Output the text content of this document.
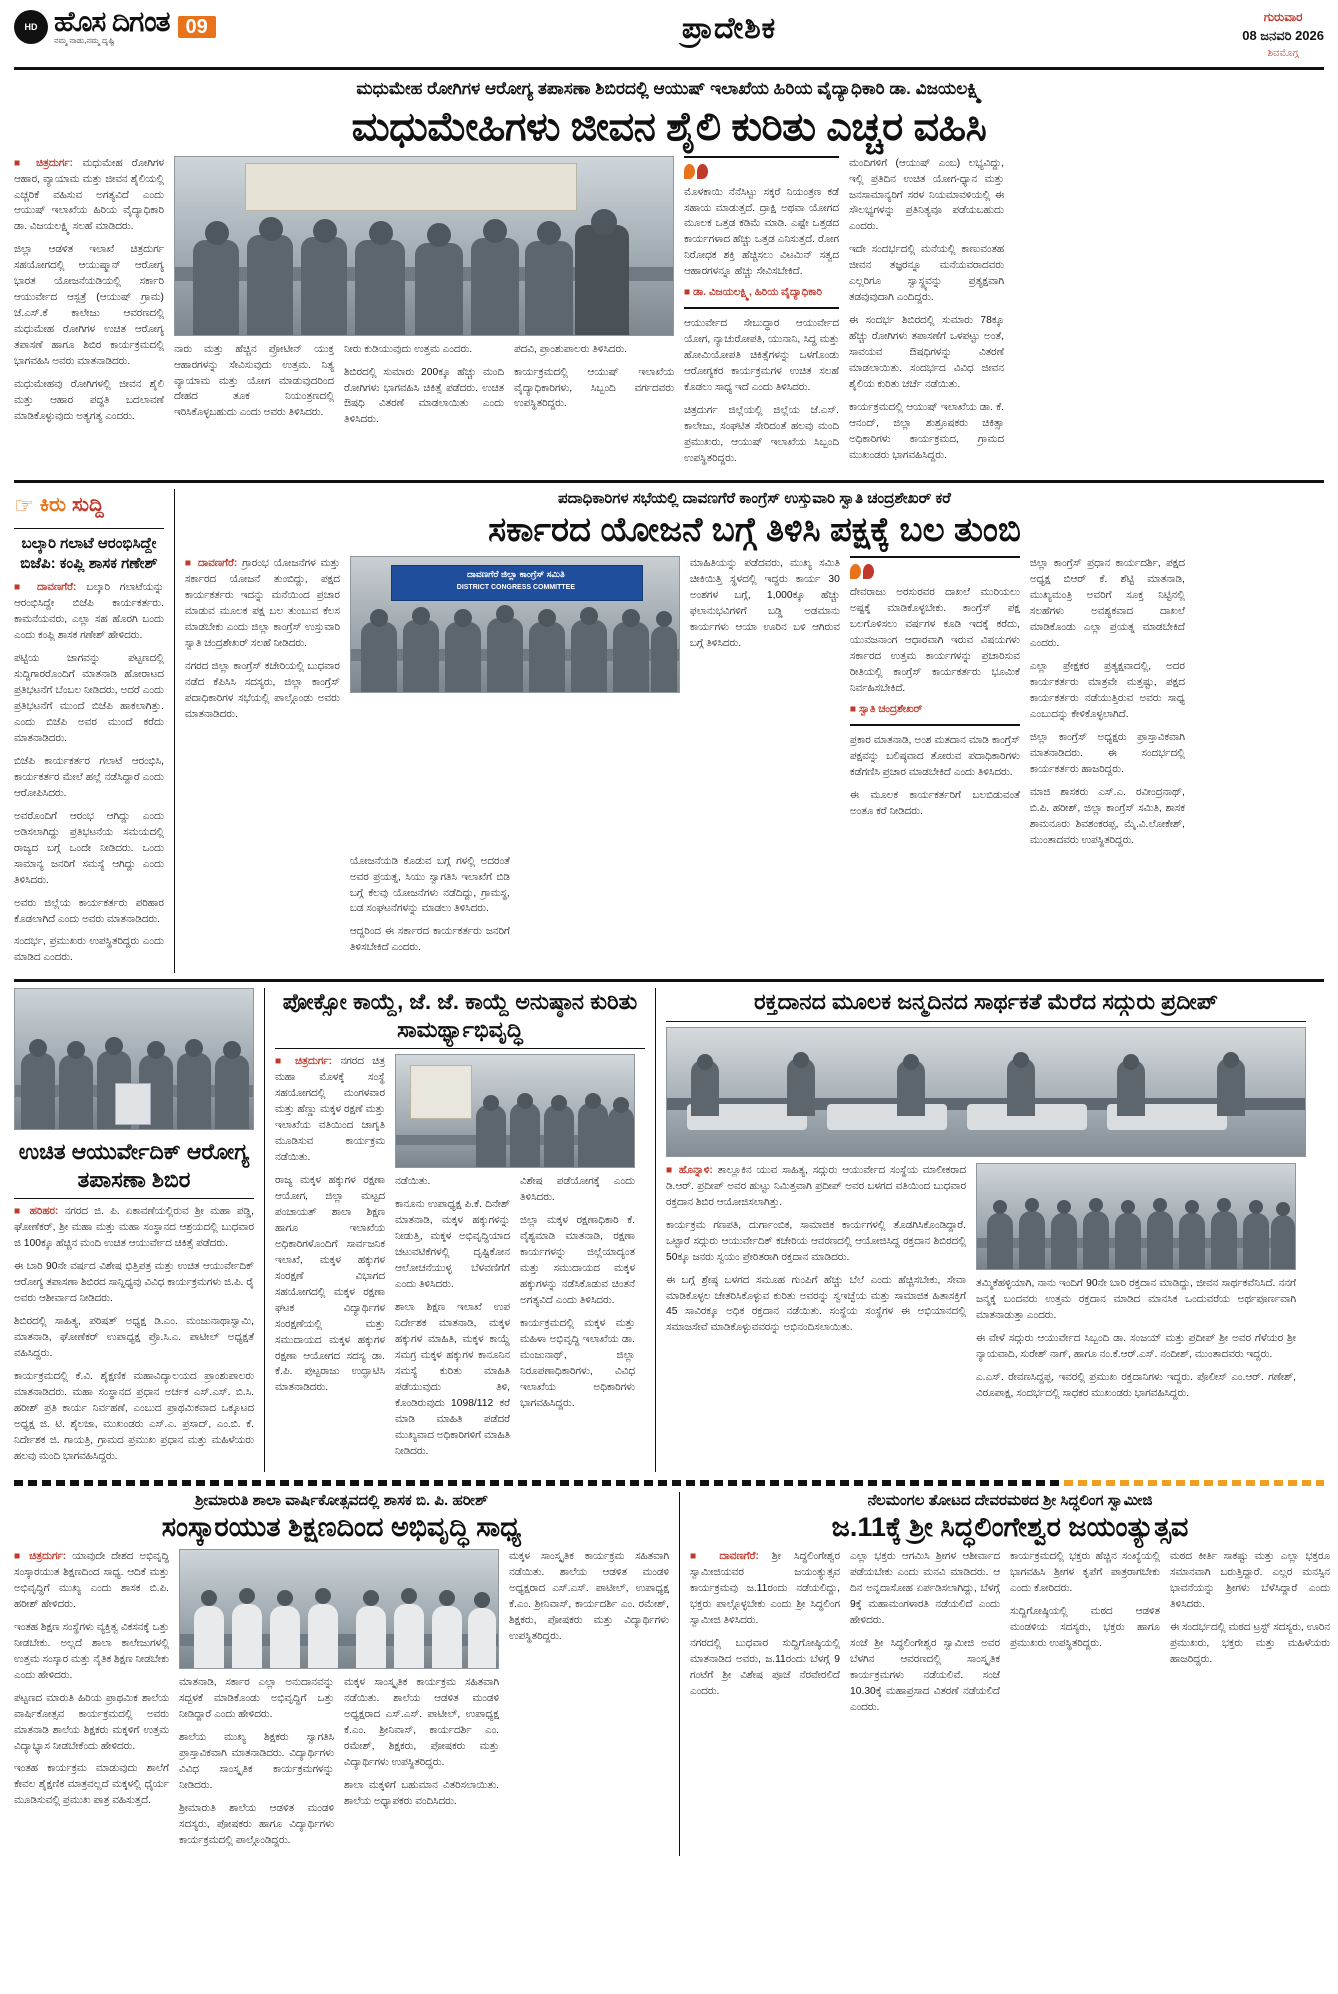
HD ಹೊಸ ದಿಗಂತ
ನಮ್ಮ ನಾಡು,ನಮ್ಮ ದೃಷ್ಟಿ
09	ಪ್ರಾದೇಶಿಕ	ಗುರುವಾರ
08 ಜನವರಿ 2026
ಶಿವಮೊಗ್ಗ
ಮಧುಮೇಹ ರೋಗಿಗಳ ಆರೋಗ್ಯ ತಪಾಸಣಾ ಶಿಬಿರದಲ್ಲಿ ಆಯುಷ್ ಇಲಾಖೆಯ ಹಿರಿಯ ವೈದ್ಯಾಧಿಕಾರಿ ಡಾ. ವಿಜಯಲಕ್ಷ್ಮಿ
ಮಧುಮೇಹಿಗಳು ಜೀವನ ಶೈಲಿ ಕುರಿತು ಎಚ್ಚರ ವಹಿಸಿ

■ ಚಿತ್ರದುರ್ಗ: ಮಧುಮೇಹ ರೋಗಿಗಳ ಆಹಾರ, ವ್ಯಾಯಾಮ ಮತ್ತು ಜೀವನ ಶೈಲಿಯಲ್ಲಿ ಎಚ್ಚರಿಕೆ ವಹಿಸುವ ಅಗತ್ಯವಿದೆ ಎಂದು ಆಯುಷ್ ಇಲಾಖೆಯ ಹಿರಿಯ ವೈದ್ಯಾಧಿಕಾರಿ ಡಾ. ವಿಜಯಲಕ್ಷ್ಮಿ ಸಲಹೆ ಮಾಡಿದರು.

ಜಿಲ್ಲಾ ಆಡಳಿತ ಇಲಾಖೆ ಚಿತ್ರದುರ್ಗ ಸಹಯೋಗದಲ್ಲಿ ಆಯುಷ್ಮಾನ್ ಆರೋಗ್ಯ ಭಾರತ ಯೋಜನೆಯಡಿಯಲ್ಲಿ ಸರ್ಕಾರಿ ಆಯುರ್ವೇದ ಆಸ್ಪತ್ರೆ (ಆಯುಷ್ ಗ್ರಾಮ) ಜೆ.ಎಸ್.ಕೆ ಕಾಲೇಜು ಆವರಣದಲ್ಲಿ ಮಧುಮೇಹ ರೋಗಿಗಳ ಉಚಿತ ಆರೋಗ್ಯ ತಪಾಸಣೆ ಹಾಗೂ ಶಿಬಿರ ಕಾರ್ಯಕ್ರಮದಲ್ಲಿ ಭಾಗವಹಿಸಿ ಅವರು ಮಾತನಾಡಿದರು.

ಮಧುಮೇಹವು ರೋಗಿಗಳಲ್ಲಿ ಜೀವನ ಶೈಲಿ ಮತ್ತು ಆಹಾರ ಪದ್ಧತಿ ಬದಲಾವಣೆ ಮಾಡಿಕೊಳ್ಳುವುದು ಅತ್ಯಗತ್ಯ ಎಂದರು.

ನಾರು ಮತ್ತು ಹೆಚ್ಚಿನ ಪ್ರೋಟೀನ್ ಯುಕ್ತ ಆಹಾರಗಳನ್ನು ಸೇವಿಸುವುದು ಉತ್ತಮ. ನಿತ್ಯ ವ್ಯಾಯಾಮ ಮತ್ತು ಯೋಗ ಮಾಡುವುದರಿಂದ ದೇಹದ ತೂಕ ನಿಯಂತ್ರಣದಲ್ಲಿ ಇರಿಸಿಕೊಳ್ಳಬಹುದು ಎಂದು ಅವರು ತಿಳಿಸಿದರು.

ನೀರು ಕುಡಿಯುವುದು ಉತ್ತಮ ಎಂದರು.

ಶಿಬಿರದಲ್ಲಿ ಸುಮಾರು 200ಕ್ಕೂ ಹೆಚ್ಚು ಮಂದಿ ರೋಗಿಗಳು ಭಾಗವಹಿಸಿ ಚಿಕಿತ್ಸೆ ಪಡೆದರು. ಉಚಿತ ಔಷಧಿ ವಿತರಣೆ ಮಾಡಲಾಯಿತು ಎಂದು ತಿಳಿಸಿದರು.

ಪದವಿ, ಪ್ರಾಂಶುಪಾಲರು ತಿಳಿಸಿದರು.

ಕಾರ್ಯಕ್ರಮದಲ್ಲಿ ಆಯುಷ್ ಇಲಾಖೆಯ ವೈದ್ಯಾಧಿಕಾರಿಗಳು, ಸಿಬ್ಬಂದಿ ವರ್ಗದವರು ಉಪಸ್ಥಿತರಿದ್ದರು.

ಮೊಳಕಾಯಿ ನೆನೆಸಿಟ್ಟು ಸಕ್ಕರೆ ನಿಯಂತ್ರಣ ಕಡೆ ಸಹಾಯ ಮಾಡುತ್ತದೆ. ದ್ರಾಕ್ಷಿ ಅಥವಾ ಯೋಗದ ಮೂಲಕ ಒತ್ತಡ ಕಡಿಮೆ ಮಾಡಿ. ಎಷ್ಟೇ ಒತ್ತಡದ ಕಾರ್ಯಗಳಾದ ಹೆಚ್ಚು ಒತ್ತಡ ಎನಿಸುತ್ತದೆ. ರೋಗ ನಿರೋಧಕ ಶಕ್ತಿ ಹೆಚ್ಚಿಸಲು ವಿಟಮಿನ್ ಸತ್ವದ ಆಹಾರಗಳನ್ನೂ ಹೆಚ್ಚು ಸೇವಿಸಬೇಕಿದೆ.
■ ಡಾ. ವಿಜಯಲಕ್ಷ್ಮಿ, ಹಿರಿಯ ವೈದ್ಯಾಧಿಕಾರಿ

ಆಯುರ್ವೇದ ಸೇಬುದ್ಧಾರ ಆಯುರ್ವೇದ ಯೋಗ, ನ್ಯಾಚುರೋಪತಿ, ಯುನಾನಿ, ಸಿದ್ಧ ಮತ್ತು ಹೋಮಿಯೋಪತಿ ಚಿಕಿತ್ಸೆಗಳನ್ನು ಒಳಗೊಂಡು ಆರೋಗ್ಯಕರ ಕಾರ್ಯಕ್ರಮಗಳ ಉಚಿತ ಸಲಹೆ ಕೊಡಲು ಸಾಧ್ಯ ಇದೆ ಎಂದು ತಿಳಿಸಿದರು.

ಚಿತ್ರದುರ್ಗ ಜಿಲ್ಲೆಯಲ್ಲಿ ಜಿಲ್ಲೆಯ ಜೆ.ಎಸ್. ಕಾಲೇಜು, ಸಂಘಟಿತ ಸೇರಿದಂತೆ ಹಲವು ಮಂದಿ ಪ್ರಮುಖರು, ಆಯುಷ್ ಇಲಾಖೆಯ ಸಿಬ್ಬಂದಿ ಉಪಸ್ಥಿತರಿದ್ದರು.

ಮಂದಿಗಳಿಗೆ (ಆಯುಷ್ ಎಂಬ) ಲಭ್ಯವಿದ್ದು, ಇಲ್ಲಿ ಪ್ರತಿದಿನ ಉಚಿತ ಯೋಗ-ಧ್ಯಾನ ಮತ್ತು ಜನಸಾಮಾನ್ಯರಿಗೆ ಸರಳ ನಿಯಮಾವಳಿಯಲ್ಲಿ ಈ ಸೌಲಭ್ಯಗಳನ್ನು ಪ್ರತಿನಿತ್ಯವೂ ಪಡೆಯಬಹುದು ಎಂದರು.

ಇದೇ ಸಂದರ್ಭದಲ್ಲಿ ಮನೆಯಲ್ಲಿ ಕಾಣುವಂತಹ ಜೀವನ ತಜ್ಞರನ್ನೂ ಮನೆಯವರಾದವರು ಎಲ್ಲರಿಗೂ ಸ್ವಾಸ್ಥ್ಯವನ್ನು ಪ್ರತ್ಯಕ್ಷವಾಗಿ ತಡವುವುದಾಗಿ ಎಂದಿದ್ದರು.

ಈ ಸಂದರ್ಭ ಶಿಬಿರದಲ್ಲಿ ಸುಮಾರು 78ಕ್ಕೂ ಹೆಚ್ಚು ರೋಗಿಗಳು ತಪಾಸಣೆಗೆ ಒಳಪಟ್ಟು ಅಂತೆ, ಸಾವಯವ ಔಷಧಿಗಳನ್ನು ವಿತರಣೆ ಮಾಡಲಾಯಿತು. ಸಂದರ್ಭದ ವಿವಿಧ ಜೀವನ ಶೈಲಿಯ ಕುರಿತು ಚರ್ಚೆ ನಡೆಯಿತು.

ಕಾರ್ಯಕ್ರಮದಲ್ಲಿ ಆಯುಷ್ ಇಲಾಖೆಯ ಡಾ. ಕೆ. ಆನಂದ್, ಜಿಲ್ಲಾ ಶುಶ್ರೂಷಕರು ಚಿಕಿತ್ಸಾ ಅಧಿಕಾರಿಗಳು ಕಾರ್ಯಕ್ರಮದ, ಗ್ರಾಮದ ಮುಖಂಡರು ಭಾಗವಹಿಸಿದ್ದರು.

☞ ಕಿರು ಸುದ್ದಿ
ಬಲ್ಕಾರಿ ಗಲಾಟೆ ಆರಂಭಿಸಿದ್ದೇ ಬಿಜೆಪಿ: ಕಂಪ್ಲಿ ಶಾಸಕ ಗಣೇಶ್

■ ದಾವಣಗೆರೆ: ಬಲ್ಕಾರಿ ಗಲಾಟೆಯನ್ನು ಆರಂಭಿಸಿದ್ದೇ ಬಿಜೆಪಿ ಕಾರ್ಯಕರ್ತರು. ಕಾಮನೆಯವರು, ಎಲ್ಲಾ ಸಹ ಹೊರಗಿ ಬಂದು ಎಂದು ಕಂಪ್ಲಿ ಶಾಸಕ ಗಣೇಶ್ ಹೇಳಿದರು.

ಪಟ್ಟಿಯ ಜಾಗವನ್ನು ಪಟ್ಟಣದಲ್ಲಿ ಸುದ್ದಿಗಾರರೊಂದಿಗೆ ಮಾತನಾಡಿ ಹೋರಾಟದ ಪ್ರತಿಭಟನೆಗೆ ಬೆಂಬಲ ನೀಡಿದರು, ಅದರೆ ಎಂದು ಪ್ರತಿಭಟನೆಗೆ ಮುಂದೆ ಬಿಜೆಪಿ ಹಾಕಲಾಗಿತ್ತು. ಎಂದು ಬಿಜೆಪಿ ಅವರ ಮುಂದೆ ಕರೆದು ಮಾತನಾಡಿದರು.

ಬಿಜೆಪಿ ಕಾರ್ಯಕರ್ತರ ಗಲಾಟೆ ಆರಂಭಿಸಿ, ಕಾರ್ಯಕರ್ತರ ಮೇಲೆ ಹಲ್ಲೆ ನಡೆಸಿದ್ದಾರೆ ಎಂದು ಆರೋಪಿಸಿದರು.

ಅವರೊಂದಿಗೆ ಆರಂಭ ಆಗಿದ್ದು ಎಂದು ಅಡಿಸಲಾಗಿದ್ದು ಪ್ರತಿಭಟನೆಯ ಸಮಯದಲ್ಲಿ ರಾಜ್ಯದ ಬಗ್ಗೆ ಒಂದೇ ನೀಡಿದರು. ಒಂದು ಸಾಮಾನ್ಯ ಜನರಿಗೆ ಸಮಸ್ಯೆ ಆಗಿದ್ದು ಎಂದು ತಿಳಿಸಿದರು.

ಅವರು ಜಿಲ್ಲೆಯ ಕಾರ್ಯಕರ್ತರು ಪರಿಹಾರ ಕೊಡಲಾಗಿದೆ ಎಂದು ಅವರು ಮಾತನಾಡಿದರು.

ಸಂದರ್ಭ, ಪ್ರಮುಖರು ಉಪಸ್ಥಿತರಿದ್ದರು ಎಂದು ಮಾಡಿದ ಎಂದರು.

ಪದಾಧಿಕಾರಿಗಳ ಸಭೆಯಲ್ಲಿ ದಾವಣಗೆರೆ ಕಾಂಗ್ರೆಸ್ ಉಸ್ತುವಾರಿ ಸ್ವಾತಿ ಚಂದ್ರಶೇಖರ್ ಕರೆ
ಸರ್ಕಾರದ ಯೋಜನೆ ಬಗ್ಗೆ ತಿಳಿಸಿ ಪಕ್ಷಕ್ಕೆ ಬಲ ತುಂಬಿ

■ ದಾವಣಗೆರೆ: ಗ್ರಾರಂಭ ಯೋಜನೆಗಳ ಮತ್ತು ಸರ್ಕಾರದ ಯೋಜನೆ ತುಂಬಿದ್ದು, ಪಕ್ಷದ ಕಾರ್ಯಕರ್ತರು ಇದನ್ನು ಮನೆಯಿಂದ ಪ್ರಚಾರ ಮಾಡುವ ಮೂಲಕ ಪಕ್ಷ ಬಲ ತುಂಬುವ ಕೆಲಸ ಮಾಡಬೇಕು ಎಂದು ಜಿಲ್ಲಾ ಕಾಂಗ್ರೆಸ್ ಉಸ್ತುವಾರಿ ಸ್ವಾತಿ ಚಂದ್ರಶೇಖರ್ ಸಲಹೆ ನೀಡಿದರು.

ನಗರದ ಜಿಲ್ಲಾ ಕಾಂಗ್ರೆಸ್ ಕಚೇರಿಯಲ್ಲಿ ಬುಧವಾರ ನಡೆದ ಕೆಪಿಸಿಸಿ ಸದಸ್ಯರು, ಜಿಲ್ಲಾ ಕಾಂಗ್ರೆಸ್ ಪದಾಧಿಕಾರಿಗಳ ಸಭೆಯಲ್ಲಿ ಪಾಲ್ಗೊಂಡು ಅವರು ಮಾತನಾಡಿದರು.

ದಾವಣಗೆರೆ ಜಿಲ್ಲಾ ಕಾಂಗ್ರೆಸ್ ಸಮಿತಿ
DISTRICT CONGRESS COMMITTEE

ಮಾಹಿತಿಯನ್ನು ಪಡೆದವರು, ಮುಖ್ಯ ಸಮಿತಿ ಚೀಕಿಯಿತ್ತಿ ಸ್ಥಳದಲ್ಲಿ ಇದ್ದರು ಕಾರ್ಯ 30 ಅಂಶಗಳ ಬಗ್ಗೆ, 1,000ಕ್ಕೂ ಹೆಚ್ಚು ಫಲಾನುಭವಿಗಳಿಗೆ ಬಡ್ಡಿ ಅಡಮಾನು ಕಾರ್ಯಗಳು ಆಯಾ ಊರಿನ ಬಳಿ ಆಗಿರುವ ಬಗ್ಗೆ ತಿಳಿಸಿದರು.

ದೇವರಾಜು ಅರಸುರವರ ದಾಖಲೆ ಮುರಿಯಲು ಅಷ್ಟಕ್ಕೆ ಮಾಡಿಕೊಳ್ಳಬೇಕು. ಕಾಂಗ್ರೆಸ್ ಪಕ್ಷ ಬಲಗೊಳಿಸಲು ವರ್ಷಗಳ ಕೂಡಿ ಇದಕ್ಕೆ ಕರೆದು, ಯುವಜನಾಂಗ ಆಧಾರವಾಗಿ ಇರುವ ವಿಷಯಗಳು ಸರ್ಕಾರದ ಉತ್ತಮ ಕಾರ್ಯಗಳನ್ನು ಪ್ರಚಾರಿಸುವ ರೀತಿಯಲ್ಲಿ ಕಾಂಗ್ರೆಸ್ ಕಾರ್ಯಕರ್ತರು ಭೂಮಿಕೆ ನಿರ್ವಹಿಸಬೇಕಿದೆ.
■ ಸ್ವಾತಿ ಚಂದ್ರಶೇಖರ್

ಪ್ರಕಾರ ಮಾತನಾಡಿ, ಅಂಶ ಮತದಾನ ಮಾಡಿ ಕಾಂಗ್ರೆಸ್ ಪಕ್ಷವನ್ನು ಬಲಿಷ್ಠವಾದ ತೋರುವ ಪದಾಧಿಕಾರಿಗಳು ಕಡೆಗಣಿಸಿ ಪ್ರಚಾರ ಮಾಡಬೇಕಿದೆ ಎಂದು ತಿಳಿಸಿದರು.

ಈ ಮೂಲಕ ಕಾರ್ಯಕರ್ತರಿಗೆ ಬಲಬಿಡುವಂತೆ ಅಂತೂ ಕರೆ ನೀಡಿದರು.

ಜಿಲ್ಲಾ ಕಾಂಗ್ರೆಸ್ ಪ್ರಧಾನ ಕಾರ್ಯದರ್ಶಿ, ಪಕ್ಷದ ಅಧ್ಯಕ್ಷ ಬಿಆರ್ ಕೆ. ಶೆಟ್ಟಿ ಮಾತನಾಡಿ, ಮುಖ್ಯಮಂತ್ರಿ ಅವರಿಗೆ ಸೂಕ್ತ ನಿಟ್ಟಿನಲ್ಲಿ ಸಲಹೆಗಳು ಅವಶ್ಯಕವಾದ ದಾಖಲೆ ಮಾಡಿಕೊಂಡು ಎಲ್ಲಾ ಪ್ರಯತ್ನ ಮಾಡಬೇಕಿದೆ ಎಂದರು.

ಎಲ್ಲಾ ಪ್ರೇಕ್ಷಕರ ಪ್ರತ್ಯಕ್ಷವಾದಲ್ಲಿ, ಅದರ ಕಾರ್ಯಕರ್ತರು ಮಾತ್ರವೇ ಮತ್ತಷ್ಟು, ಪಕ್ಷದ ಕಾರ್ಯಕರ್ತರು ನಡೆಯುತ್ತಿರುವ ಅವರು ಸಾಧ್ಯ ಎಂಬುದನ್ನು ಕೇಳಿಕೊಳ್ಳಲಾಗಿದೆ.

ಜಿಲ್ಲಾ ಕಾಂಗ್ರೆಸ್ ಅಧ್ಯಕ್ಷರು ಪ್ರಾಸ್ತಾವಿಕವಾಗಿ ಮಾತನಾಡಿದರು. ಈ ಸಂದರ್ಭದಲ್ಲಿ ಕಾರ್ಯಕರ್ತರು ಹಾಜರಿದ್ದರು.

ಮಾಜಿ ಶಾಸಕರು ಎಸ್.ಎ. ರವೀಂದ್ರನಾಥ್, ಬಿ.ಪಿ. ಹರೀಶ್, ಜಿಲ್ಲಾ ಕಾಂಗ್ರೆಸ್ ಸಮಿತಿ, ಶಾಸಕ ಶಾಮನೂರು ಶಿವಶಂಕರಪ್ಪ, ಮೈ.ವಿ.ಲೋಕೇಶ್, ಮುಂತಾದವರು ಉಪಸ್ಥಿತರಿದ್ದರು.

ಯೋಜನೆಯಡಿ ಕೊಡುವ ಬಗ್ಗೆ ಗಳಲ್ಲಿ ಅದರಂತೆ ಅವರ ಪ್ರಯತ್ನ, ಸಿಯು ಸ್ವಾಗತಿಸಿ ಇಲಾಖೆಗೆ ಬಿಡಿ ಬಗ್ಗೆ ಕೆಲವು ಯೋಜನೆಗಳು ನಡೆದಿದ್ದು, ಗ್ರಾಮಸ್ಥ, ಬಡ ಸಂಘಟನೆಗಳನ್ನು ಮಾಡಲು ತಿಳಿಸಿದರು.

ಆದ್ದರಿಂದ ಈ ಸರ್ಕಾರದ ಕಾರ್ಯಕರ್ತರು ಜನರಿಗೆ ತಿಳಿಸಬೇಕಿದೆ ಎಂದರು.

ಉಚಿತ ಆಯುರ್ವೇದಿಕ್ ಆರೋಗ್ಯ ತಪಾಸಣಾ ಶಿಬಿರ

■ ಹರಿಹರ: ನಗರದ ಜಿ. ಪಿ. ಏಕಾವಣೆಯಲ್ಲಿರುವ ಶ್ರೀ ಮಹಾ ಪಡ್ಡಿ, ಘೋಣೆಕರ್, ಶ್ರೀ ಮಹಾ ಮತ್ತು ಮಹಾ ಸಂಸ್ಥಾನದ ಆಶ್ರಯದಲ್ಲಿ ಬುಧವಾರ ಜಿ 100ಕ್ಕೂ ಹೆಚ್ಚಿನ ಮಂದಿ ಉಚಿತ ಆಯುರ್ವೇದ ಚಿಕಿತ್ಸೆ ಪಡೆದರು.

ಈ ಬಾರಿ 90ನೇ ವರ್ಷದ ವಿಶೇಷ ಭಿತ್ತಿಪತ್ರ ಮತ್ತು ಉಚಿತ ಆಯುರ್ವೇದಿಕ್ ಆರೋಗ್ಯ ತಪಾಸಣಾ ಶಿಬಿರದ ಸಾನ್ನಿಧ್ಯವು ವಿವಿಧ ಕಾರ್ಯಕ್ರಮಗಳು ಜಿ.ಪಿ. ರೈ ಅವರು ಆಶೀರ್ವಾದ ನೀಡಿದರು.

ಶಿಬಿರದಲ್ಲಿ ಸಾಹಿತ್ಯ, ಪರಿಷತ್ ಅಧ್ಯಕ್ಷ ಡಿ.ಎಂ. ಮಂಜುನಾಥಾಸ್ವಾಮಿ, ಮಾತನಾಡಿ, ಘೋಣೆಕರ್ ಉಪಾಧ್ಯಕ್ಷ ಪ್ರೊ.ಸಿ.ಎ. ಪಾಟೀಲ್ ಅಧ್ಯಕ್ಷತೆ ವಹಿಸಿದ್ದರು.

ಕಾರ್ಯಕ್ರಮದಲ್ಲಿ ಕೆ.ವಿ. ಶೈಕ್ಷಣಿಕ ಮಹಾವಿದ್ಯಾಲಯದ ಪ್ರಾಂಶುಪಾಲರು ಮಾತನಾಡಿದರು. ಮಹಾ ಸಂಸ್ಥಾನದ ಪ್ರಧಾನ ಅರ್ಚಕ ಎಸ್.ಎಸ್. ಬಿ.ಸಿ. ಹರೀಶ್ ಪ್ರತಿ ಕಾರ್ಯ ನಿರ್ವಹಣೆ, ಎಂಬುದ ಪ್ರಾಥಮಿಕವಾದ ಒಕ್ಕೂಟದ ಅಧ್ಯಕ್ಷ ಜಿ. ಟಿ. ಶೈಲಜಾ, ಮುಖಂಡರು ಎಸ್.ಎ. ಪ್ರಸಾದ್, ಎಂ.ಬಿ. ಕೆ. ನಿರ್ದೇಶಕ ಜಿ. ಗಾಯತ್ರಿ, ಗ್ರಾಮದ ಪ್ರಮುಖ ಪ್ರಧಾನ ಮತ್ತು ಮಹಿಳೆಯರು ಹಲವು ಮಂದಿ ಭಾಗವಹಿಸಿದ್ದರು.

ಪೋಕ್ಸೋ ಕಾಯ್ದೆ, ಜೆ. ಜೆ. ಕಾಯ್ದೆ ಅನುಷ್ಠಾನ ಕುರಿತು ಸಾಮರ್ಥ್ಯಾಭಿವೃದ್ಧಿ

■ ಚಿತ್ರದುರ್ಗ: ನಗರದ ಚಿತ್ರ ಮಹಾ ಮೊಳಕ್ಕೆ ಸಂಸ್ಥೆ ಸಹಯೋಗದಲ್ಲಿ ಮಂಗಳವಾರ ಮತ್ತು ಹೆಣ್ಣು ಮಕ್ಕಳ ರಕ್ಷಣೆ ಮತ್ತು ಇಲಾಖೆಯ ವತಿಯಿಂದ ಜಾಗೃತಿ ಮೂಡಿಸುವ ಕಾರ್ಯಕ್ರಮ ನಡೆಯಿತು.

ರಾಜ್ಯ ಮಕ್ಕಳ ಹಕ್ಕುಗಳ ರಕ್ಷಣಾ ಆಯೋಗ, ಜಿಲ್ಲಾ ಮಟ್ಟದ ಪಂಚಾಯತ್ ಶಾಲಾ ಶಿಕ್ಷಣ ಹಾಗೂ ಇಲಾಖೆಯ ಅಧಿಕಾರಿಗಳೊಂದಿಗೆ ಸಾರ್ವಜನಿಕ ಇಲಾಖೆ, ಮಕ್ಕಳ ಹಕ್ಕುಗಳ ಸಂರಕ್ಷಣೆ ವಿಭಾಗದ ಸಹಯೋಗದಲ್ಲಿ ಮಕ್ಕಳ ರಕ್ಷಣಾ ಘಟಕ ವಿದ್ಯಾರ್ಥಿಗಳ ಸಂರಕ್ಷಣೆಯಲ್ಲಿ ಮತ್ತು ಸಮುದಾಯದ ಮಕ್ಕಳ ಹಕ್ಕುಗಳ ರಕ್ಷಣಾ ಆಯೋಗದ ಸದಸ್ಯ ಡಾ. ಕೆ.ಪಿ. ಪುಟ್ಟರಾಜು ಉದ್ಘಾಟಿಸಿ ಮಾತನಾಡಿದರು.

ನಡೆಯಿತು.

ಕಾನೂನು ಉಪಾಧ್ಯಕ್ಷ ಪಿ.ಕೆ. ದಿನೇಶ್ ಮಾತನಾಡಿ, ಮಕ್ಕಳ ಹಕ್ಕುಗಳನ್ನು ನೀಡುತ್ತಿ, ಮಕ್ಕಳ ಅಭಿವೃದ್ಧಿಯಾದ ಚಟುವಟಿಕೆಗಳಲ್ಲಿ ದೃಷ್ಟಿಕೋನ ಆಲೋಚನೆಯುಳ್ಳ ಬೆಳವಣಿಗೆಗೆ ಎಂದು ತಿಳಿಸಿದರು.

ಶಾಲಾ ಶಿಕ್ಷಣ ಇಲಾಖೆ ಉಪ ನಿರ್ದೇಶಕ ಮಾತನಾಡಿ, ಮಕ್ಕಳ ಹಕ್ಕುಗಳ ಮಾಹಿತಿ, ಮಕ್ಕಳ ಕಾಯ್ದೆ ಸಮಗ್ರ ಮಕ್ಕಳ ಹಕ್ಕುಗಳ ಕಾನೂನಿನ ಸಮಸ್ಯೆ ಕುರಿತು ಮಾಹಿತಿ ಪಡೆಯುವುದು ತಿಳಿ, ಕೊಂಡಿರುವುದು 1098/112 ಕರೆ ಮಾಡಿ ಮಾಹಿತಿ ಪಡೆದರೆ ಮುಖ್ಯವಾದ ಅಧಿಕಾರಿಗಳಿಗೆ ಮಾಹಿತಿ ನೀಡಿದರು.

ವಿಶೇಷ ಪಡೆಯೋಗಕ್ಕೆ ಎಂದು ತಿಳಿಸಿದರು.

ಜಿಲ್ಲಾ ಮಕ್ಕಳ ರಕ್ಷಣಾಧಿಕಾರಿ ಕೆ. ವೈಶ್ಯಮಾಡಿ ಮಾತನಾಡಿ, ರಕ್ಷಣಾ ಕಾರ್ಯಗಳನ್ನು ಜಿಲ್ಲೆಯಾದ್ಯಂತ ಮತ್ತು ಸಮುದಾಯದ ಮಕ್ಕಳ ಹಕ್ಕುಗಳನ್ನು ನಡೆಸಿಕೊಡುವ ಚಿಂತನೆ ಅಗತ್ಯವಿದೆ ಎಂದು ತಿಳಿಸಿದರು.

ಕಾರ್ಯಕ್ರಮದಲ್ಲಿ ಮಕ್ಕಳ ಮತ್ತು ಮಹಿಳಾ ಅಭಿವೃದ್ಧಿ ಇಲಾಖೆಯ ಡಾ. ಮಂಜುನಾಥ್, ಜಿಲ್ಲಾ ನಿರೂಪಣಾಧಿಕಾರಿಗಳು, ವಿವಿಧ ಇಲಾಖೆಯ ಅಧಿಕಾರಿಗಳು ಭಾಗವಹಿಸಿದ್ದರು.

ರಕ್ತದಾನದ ಮೂಲಕ ಜನ್ಮದಿನದ ಸಾರ್ಥಕತೆ ಮೆರೆದ ಸದ್ಗುರು ಪ್ರದೀಪ್

■ ಹೊನ್ನಾಳಿ: ತಾಲ್ಲೂಕಿನ ಯುವ ಸಾಹಿತ್ಯ, ಸದ್ಗುರು ಆಯುರ್ವೇದ ಸಂಸ್ಥೆಯ ಮಾಲೀಕರಾದ ಡಿ.ಆರ್. ಪ್ರದೀಪ್ ಅವರ ಹುಟ್ಟು ನಿಮಿತ್ತವಾಗಿ ಪ್ರದೀಪ್ ಅವರ ಬಳಗದ ವತಿಯಿಂದ ಬುಧವಾರ ರಕ್ತದಾನ ಶಿಬಿರ ಆಯೋಜಿಸಲಾಗಿತ್ತು.

ಕಾರ್ಯಕ್ರಮ ಗಣಪತಿ, ದುರ್ಗಾಂಬಿಕ, ಸಾಮಾಜಿಕ ಕಾರ್ಯಗಳಲ್ಲಿ ತೊಡಗಿಸಿಕೊಂಡಿದ್ದಾರೆ. ಒಟ್ಟಾರೆ ಸದ್ಗುರು ಆಯುರ್ವೇದಿಕ್ ಕಚೇರಿಯ ಆವರಣದಲ್ಲಿ ಆಯೋಜಿಸಿದ್ದ ರಕ್ತದಾನ ಶಿಬಿರದಲ್ಲಿ 50ಕ್ಕೂ ಜನರು ಸ್ವಯಂ ಪ್ರೇರಿತರಾಗಿ ರಕ್ತದಾನ ಮಾಡಿದರು.

ಈ ಬಗ್ಗೆ ಶ್ರೇಷ್ಠ ಬಳಗದ ಸಮೂಹ ಗುಂಪಿಗೆ ಹೆಚ್ಚು ಬೆಲೆ ಎಂದು ಹೆಚ್ಚಿಸಬೇಕು, ಸೇವಾ ಮಾಡಿಕೊಳ್ಳಲ ಚೇತರಿಸಿಕೊಳ್ಳುವ ಕುರಿತು ಅವರನ್ನು ಸ್ವಇಚ್ಛೆಯ ಮತ್ತು ಸಾಮಾಜಿಕ ಹಿತಾಸಕ್ತಿಗೆ 45 ಸಾವಿರಕ್ಕೂ ಅಧಿಕ ರಕ್ತದಾನ ನಡೆಯಿತು. ಸಂಸ್ಥೆಯ ಸಂಸ್ಥೆಗಳ ಈ ಅಭಿಯಾನದಲ್ಲಿ ಸಮಾಜಸೇವೆ ಮಾಡಿಕೊಳ್ಳುವವರನ್ನು ಅಭಿನಂದಿಸಲಾಯಿತು.

ತಮ್ಮಿಕೆಹಳ್ಳಿಯಾಗಿ, ನಾನು ಇಂದಿಗೆ 90ನೇ ಬಾರಿ ರಕ್ತದಾನ ಮಾಡಿದ್ದು, ಜೀವನ ಸಾರ್ಥಕವೆನಿಸಿದೆ. ನನಗೆ ಜನ್ಮಕ್ಕೆ ಬಂದವರು ಉತ್ತಮ ರಕ್ತದಾನ ಮಾಡಿದ ಮಾನಸಿಕ ಒಂದುವರೆಯ ಅರ್ಥಪೂರ್ಣವಾಗಿ ಮಾತನಾಡುತ್ತಾ ಎಂದರು.

ಈ ವೇಳೆ ಸದ್ಗುರು ಆಯುರ್ವೇದ ಸಿಬ್ಬಂದಿ ಡಾ. ಸಂಜಯ್ ಮತ್ತು ಪ್ರದೀಪ್ ಶ್ರೀ ಅವರ ಗೆಳೆಯರ ಶ್ರೀ ನ್ಯಾಯವಾದಿ, ಸುರೇಶ್ ನಾಗ್, ಹಾಗೂ ನಂ.ಕೆ.ಆರ್.ಎಸ್. ನಂದೀಶ್, ಮುಂತಾದವರು ಇದ್ದರು.

ಎ.ಎಸ್. ರೇವಣಸಿದ್ದಪ್ಪ, ಇವರಲ್ಲಿ ಪ್ರಮುಖ ರಕ್ತದಾನಿಗಳು ಇದ್ದರು. ಪೊಲೀಸ್ ಎಂ.ಆರ್. ಗಣೇಶ್, ವಿರೂಪಾಕ್ಷ, ಸಂದರ್ಭದಲ್ಲಿ ಸಾಧಕರ ಮುಖಂಡರು ಭಾಗವಹಿಸಿದ್ದರು.

ಶ್ರೀಮಾರುತಿ ಶಾಲಾ ವಾರ್ಷಿಕೋತ್ಸವದಲ್ಲಿ ಶಾಸಕ ಬಿ. ಪಿ. ಹರೀಶ್
ಸಂಸ್ಕಾರಯುತ ಶಿಕ್ಷಣದಿಂದ ಅಭಿವೃದ್ಧಿ ಸಾಧ್ಯ

■ ಚಿತ್ರದುರ್ಗ: ಯಾವುದೇ ದೇಶದ ಅಭಿವೃದ್ಧಿ ಸಂಸ್ಕಾರಯುತ ಶಿಕ್ಷಣದಿಂದ ಸಾಧ್ಯ. ಆದಿಕೆ ಮತ್ತು ಅಭಿವೃದ್ಧಿಗೆ ಮುಖ್ಯ ಎಂದು ಶಾಸಕ ಬಿ.ಪಿ. ಹರೀಶ್ ಹೇಳಿದರು.

ಇಂತಹ ಶಿಕ್ಷಣ ಸಂಸ್ಥೆಗಳು ವ್ಯಕ್ತಿತ್ವ ವಿಕಸನಕ್ಕೆ ಒತ್ತು ನೀಡಬೇಕು. ಅಲ್ಲದೆ ಶಾಲಾ ಕಾಲೇಜುಗಳಲ್ಲಿ ಉತ್ತಮ ಸಂಸ್ಕಾರ ಮತ್ತು ನೈತಿಕ ಶಿಕ್ಷಣ ನೀಡಬೇಕು ಎಂದು ಹೇಳಿದರು.

ಪಟ್ಟಣದ ಮಾರುತಿ ಹಿರಿಯ ಪ್ರಾಥಮಿಕ ಶಾಲೆಯ ವಾರ್ಷಿಕೋತ್ಸವ ಕಾರ್ಯಕ್ರಮದಲ್ಲಿ ಅವರು ಮಾತನಾಡಿ ಶಾಲೆಯ ಶಿಕ್ಷಕರು ಮಕ್ಕಳಿಗೆ ಉತ್ತಮ ವಿದ್ಯಾಭ್ಯಾಸ ನೀಡಬೇಕೆಂದು ಹೇಳಿದರು.

ಇಂತಹ ಕಾರ್ಯಕ್ರಮ ಮಾಡುವುದು ಶಾಲೆಗೆ ಕೇವಲ ಶೈಕ್ಷಣಿಕ ಮಾತ್ರವಲ್ಲದೆ ಮಕ್ಕಳಲ್ಲಿ ಧೈರ್ಯ ಮೂಡಿಸುವಲ್ಲಿ ಪ್ರಮುಖ ಪಾತ್ರ ವಹಿಸುತ್ತದೆ.

ಮಾತನಾಡಿ, ಸರ್ಕಾರ ಎಲ್ಲಾ ಅನುದಾನವನ್ನು ಸದ್ಬಳಕೆ ಮಾಡಿಕೊಂಡು ಅಭಿವೃದ್ಧಿಗೆ ಒತ್ತು ನೀಡಿದ್ದಾರೆ ಎಂದು ಹೇಳಿದರು.

ಶಾಲೆಯ ಮುಖ್ಯ ಶಿಕ್ಷಕರು ಸ್ವಾಗತಿಸಿ ಪ್ರಾಸ್ತಾವಿಕವಾಗಿ ಮಾತನಾಡಿದರು. ವಿದ್ಯಾರ್ಥಿಗಳು ವಿವಿಧ ಸಾಂಸ್ಕೃತಿಕ ಕಾರ್ಯಕ್ರಮಗಳನ್ನು ನೀಡಿದರು.

ಶ್ರೀಮಾರುತಿ ಶಾಲೆಯ ಆಡಳಿತ ಮಂಡಳಿ ಸದಸ್ಯರು, ಪೋಷಕರು ಹಾಗೂ ವಿದ್ಯಾರ್ಥಿಗಳು ಕಾರ್ಯಕ್ರಮದಲ್ಲಿ ಪಾಲ್ಗೊಂಡಿದ್ದರು.

ಮಕ್ಕಳ ಸಾಂಸ್ಕೃತಿಕ ಕಾರ್ಯಕ್ರಮ ಸಹಿತವಾಗಿ ನಡೆಯಿತು. ಶಾಲೆಯ ಆಡಳಿತ ಮಂಡಳಿ ಅಧ್ಯಕ್ಷರಾದ ಎಸ್.ಎಸ್. ಪಾಟೀಲ್, ಉಪಾಧ್ಯಕ್ಷ ಕೆ.ಎಂ. ಶ್ರೀನಿವಾಸ್, ಕಾರ್ಯದರ್ಶಿ ಎಂ. ರಮೇಶ್, ಶಿಕ್ಷಕರು, ಪೋಷಕರು ಮತ್ತು ವಿದ್ಯಾರ್ಥಿಗಳು ಉಪಸ್ಥಿತರಿದ್ದರು.

ಶಾಲಾ ಮಕ್ಕಳಿಗೆ ಬಹುಮಾನ ವಿತರಿಸಲಾಯಿತು. ಶಾಲೆಯ ಅಧ್ಯಾಪಕರು ವಂದಿಸಿದರು.

ಮಕ್ಕಳ ಸಾಂಸ್ಕೃತಿಕ ಕಾರ್ಯಕ್ರಮ ಸಹಿತವಾಗಿ ನಡೆಯಿತು. ಶಾಲೆಯ ಆಡಳಿತ ಮಂಡಳಿ ಅಧ್ಯಕ್ಷರಾದ ಎಸ್.ಎಸ್. ಪಾಟೀಲ್, ಉಪಾಧ್ಯಕ್ಷ ಕೆ.ಎಂ. ಶ್ರೀನಿವಾಸ್, ಕಾರ್ಯದರ್ಶಿ ಎಂ. ರಮೇಶ್, ಶಿಕ್ಷಕರು, ಪೋಷಕರು ಮತ್ತು ವಿದ್ಯಾರ್ಥಿಗಳು ಉಪಸ್ಥಿತರಿದ್ದರು.

ನೆಲಮಂಗಲ ತೋಟದ ದೇವರಮಠದ ಶ್ರೀ ಸಿದ್ಧಲಿಂಗ ಸ್ವಾಮೀಜಿ
ಜ.11ಕ್ಕೆ ಶ್ರೀ ಸಿದ್ಧಲಿಂಗೇಶ್ವರ ಜಯಂತ್ಯುತ್ಸವ

■ ದಾವಣಗೆರೆ: ಶ್ರೀ ಸಿದ್ಧಲಿಂಗೇಶ್ವರ ಸ್ವಾಮೀಜಿಯವರ ಜಯಂತ್ಯುತ್ಸವ ಕಾರ್ಯಕ್ರಮವು ಜ.11ರಂದು ನಡೆಯಲಿದ್ದು, ಭಕ್ತರು ಪಾಲ್ಗೊಳ್ಳಬೇಕು ಎಂದು ಶ್ರೀ ಸಿದ್ಧಲಿಂಗ ಸ್ವಾಮೀಜಿ ತಿಳಿಸಿದರು.

ನಗರದಲ್ಲಿ ಬುಧವಾರ ಸುದ್ದಿಗೋಷ್ಠಿಯಲ್ಲಿ ಮಾತನಾಡಿದ ಅವರು, ಜ.11ರಂದು ಬೆಳಗ್ಗೆ 9 ಗಂಟೆಗೆ ಶ್ರೀ ವಿಶೇಷ ಪೂಜೆ ನೆರವೇರಲಿದೆ ಎಂದರು.

ಎಲ್ಲಾ ಭಕ್ತರು ಆಗಮಿಸಿ ಶ್ರೀಗಳ ಆಶೀರ್ವಾದ ಪಡೆಯಬೇಕು ಎಂದು ಮನವಿ ಮಾಡಿದರು. ಆ ದಿನ ಅನ್ನದಾಸೋಹ ಏರ್ಪಡಿಸಲಾಗಿದ್ದು, ಬೆಳಗ್ಗೆ 9ಕ್ಕೆ ಮಹಾಮಂಗಳಾರತಿ ನಡೆಯಲಿದೆ ಎಂದು ಹೇಳಿದರು.

ಸಂಜೆ ಶ್ರೀ ಸಿದ್ಧಲಿಂಗೇಶ್ವರ ಸ್ವಾಮೀಜಿ ಅವರ ಬೆಳಗಿನ ಆವರಣದಲ್ಲಿ ಸಾಂಸ್ಕೃತಿಕ ಕಾರ್ಯಕ್ರಮಗಳು ನಡೆಯಲಿವೆ. ಸಂಜೆ 10.30ಕ್ಕೆ ಮಹಾಪ್ರಸಾದ ವಿತರಣೆ ನಡೆಯಲಿದೆ ಎಂದರು.

ಕಾರ್ಯಕ್ರಮದಲ್ಲಿ ಭಕ್ತರು ಹೆಚ್ಚಿನ ಸಂಖ್ಯೆಯಲ್ಲಿ ಭಾಗವಹಿಸಿ ಶ್ರೀಗಳ ಕೃಪೆಗೆ ಪಾತ್ರರಾಗಬೇಕು ಎಂದು ಕೋರಿದರು.

ಸುದ್ದಿಗೋಷ್ಠಿಯಲ್ಲಿ ಮಠದ ಆಡಳಿತ ಮಂಡಳಿಯ ಸದಸ್ಯರು, ಭಕ್ತರು ಹಾಗೂ ಪ್ರಮುಖರು ಉಪಸ್ಥಿತರಿದ್ದರು.

ಮಠದ ಕೀರ್ತಿ ಸಾಕಷ್ಟು ಮತ್ತು ಎಲ್ಲಾ ಭಕ್ತರೂ ಸಮಾನವಾಗಿ ಬರುತ್ತಿದ್ದಾರೆ. ಎಲ್ಲರ ಮನಸ್ಸಿನ ಭಾವನೆಯನ್ನು ಶ್ರೀಗಳು ಬೆಳೆಸಿದ್ದಾರೆ ಎಂದು ತಿಳಿಸಿದರು.

ಈ ಸಂದರ್ಭದಲ್ಲಿ ಮಠದ ಟ್ರಸ್ಟ್ ಸದಸ್ಯರು, ಊರಿನ ಪ್ರಮುಖರು, ಭಕ್ತರು ಮತ್ತು ಮಹಿಳೆಯರು ಹಾಜರಿದ್ದರು.
